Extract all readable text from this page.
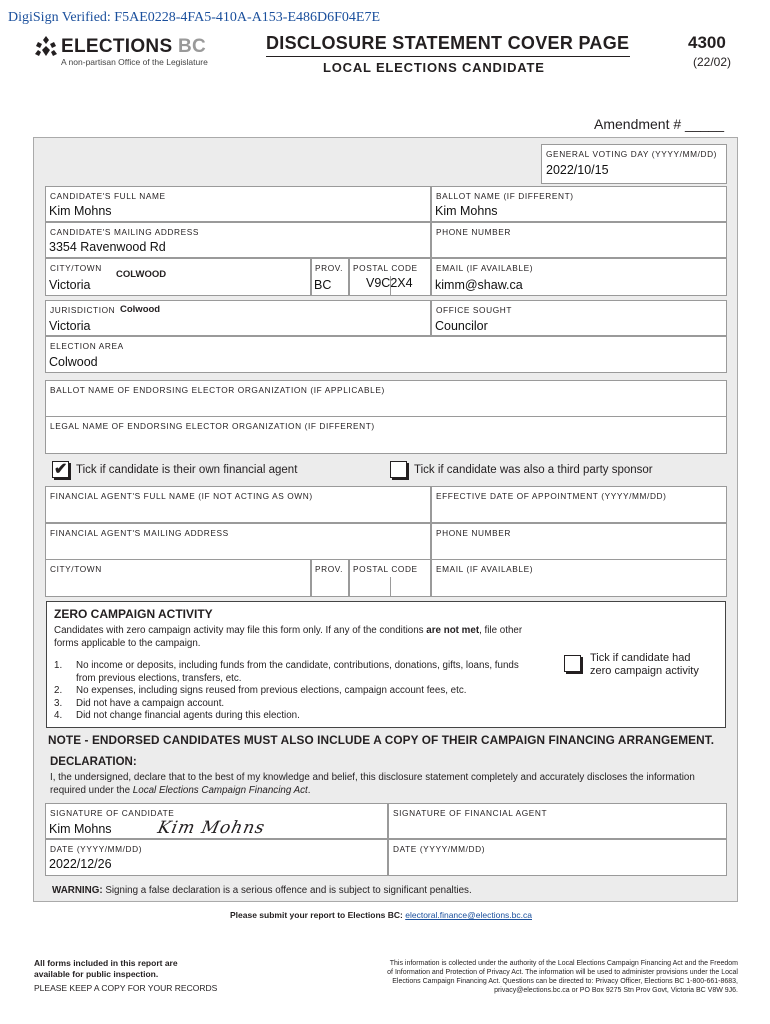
DigiSign Verified: F5AE0228-4FA5-410A-A153-E486D6F04E7E
ELECTIONS BC
A non-partisan Office of the Legislature
DISCLOSURE STATEMENT COVER PAGE
LOCAL ELECTIONS CANDIDATE
4300
(22/02)
Amendment # _____
GENERAL VOTING DAY (YYYY/MM/DD)
2022/10/15
CANDIDATE'S FULL NAME
Kim Mohns
BALLOT NAME (IF DIFFERENT)
Kim Mohns
CANDIDATE'S MAILING ADDRESS
3354 Ravenwood Rd
PHONE NUMBER
CITY/TOWN
COLWOOD
Victoria
PROV.
BC
POSTAL CODE
V9C2X4
EMAIL (IF AVAILABLE)
kimm@shaw.ca
JURISDICTION Colwood
Victoria
OFFICE SOUGHT
Councilor
ELECTION AREA
Colwood
BALLOT NAME OF ENDORSING ELECTOR ORGANIZATION (IF APPLICABLE)
LEGAL NAME OF ENDORSING ELECTOR ORGANIZATION (IF DIFFERENT)
✔ Tick if candidate is their own financial agent	Tick if candidate was also a third party sponsor
FINANCIAL AGENT'S FULL NAME (IF NOT ACTING AS OWN)	EFFECTIVE DATE OF APPOINTMENT (YYYY/MM/DD)
FINANCIAL AGENT'S MAILING ADDRESS	PHONE NUMBER
CITY/TOWN	PROV. POSTAL CODE EMAIL (IF AVAILABLE)
ZERO CAMPAIGN ACTIVITY
Candidates with zero campaign activity may file this form only. If any of the conditions are not met, file other
forms applicable to the campaign.
1.	No income or deposits, including funds from the candidate, contributions, donations, gifts, loans, funds
from previous elections, transfers, etc.
2.	No expenses, including signs reused from previous elections, campaign account fees, etc.
3.	Did not have a campaign account.
4.	Did not change financial agents during this election.
Tick if candidate had
zero campaign activity
NOTE - ENDORSED CANDIDATES MUST ALSO INCLUDE A COPY OF THEIR CAMPAIGN FINANCING ARRANGEMENT.
DECLARATION:
I, the undersigned, declare that to the best of my knowledge and belief, this disclosure statement completely and accurately discloses the information
required under the Local Elections Campaign Financing Act.
SIGNATURE OF CANDIDATE
Kim Mohns	Kim Mohns
SIGNATURE OF FINANCIAL AGENT
DATE (YYYY/MM/DD)
2022/12/26
DATE (YYYY/MM/DD)
WARNING: Signing a false declaration is a serious offence and is subject to significant penalties.
Please submit your report to Elections BC: electoral.finance@elections.bc.ca
All forms included in this report are
available for public inspection.
PLEASE KEEP A COPY FOR YOUR RECORDS
This information is collected under the authority of the Local Elections Campaign Financing Act and the Freedom
of Information and Protection of Privacy Act. The information will be used to administer provisions under the Local
Elections Campaign Financing Act. Questions can be directed to: Privacy Officer, Elections BC 1-800-661-8683,
privacy@elections.bc.ca or PO Box 9275 Stn Prov Govt, Victoria BC V8W 9J6.
